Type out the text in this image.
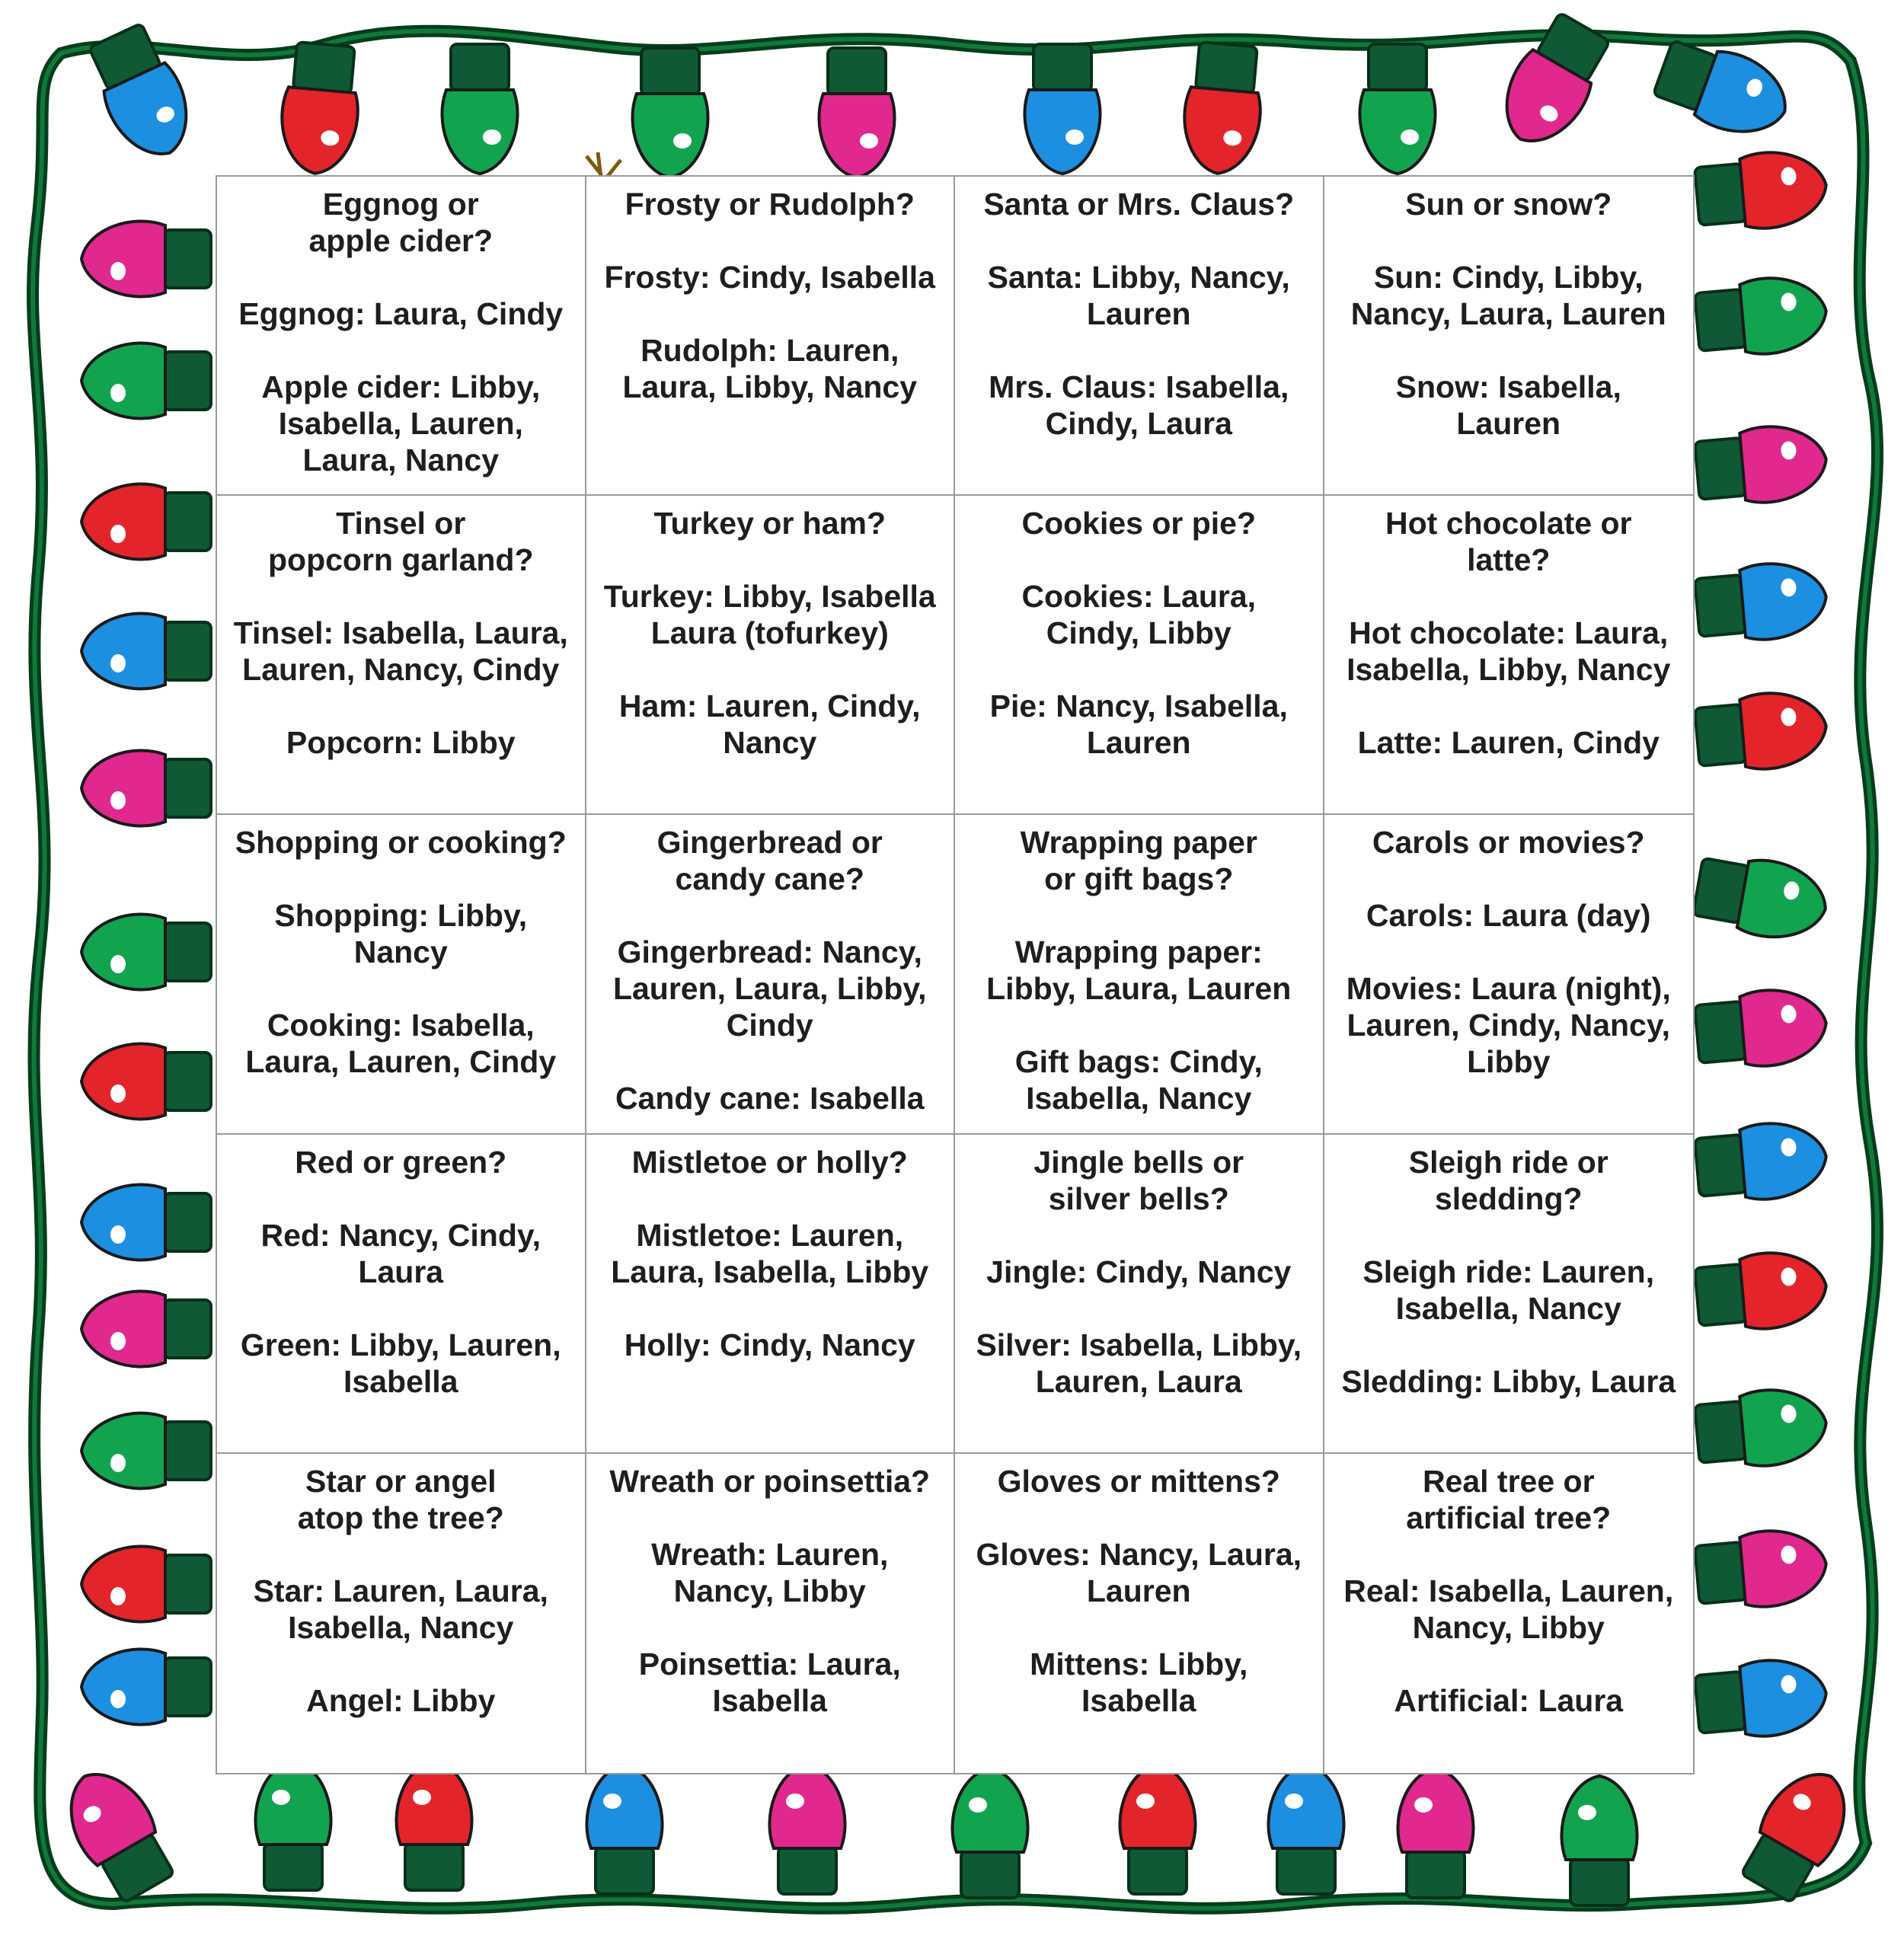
Eggnog or
apple cider?
Eggnog: Laura, Cindy
Apple cider: Libby,
Isabella, Lauren,
Laura, Nancy
Frosty or Rudolph?
Frosty: Cindy, Isabella
Rudolph: Lauren,
Laura, Libby, Nancy
Santa or Mrs. Claus?
Santa: Libby, Nancy,
Lauren
Mrs. Claus: Isabella,
Cindy, Laura
Sun or snow?
Sun: Cindy, Libby,
Nancy, Laura, Lauren
Snow: Isabella,
Lauren
Tinsel or
popcorn garland?
Tinsel: Isabella, Laura,
Lauren, Nancy, Cindy
Popcorn: Libby
Turkey or ham?
Turkey: Libby, Isabella
Laura (tofurkey)
Ham: Lauren, Cindy,
Nancy
Cookies or pie?
Cookies: Laura,
Cindy, Libby
Pie: Nancy, Isabella,
Lauren
Hot chocolate or
latte?
Hot chocolate: Laura,
Isabella, Libby, Nancy
Latte: Lauren, Cindy
Shopping or cooking?
Shopping: Libby,
Nancy
Cooking: Isabella,
Laura, Lauren, Cindy
Gingerbread or
candy cane?
Gingerbread: Nancy,
Lauren, Laura, Libby,
Cindy
Candy cane: Isabella
Wrapping paper
or gift bags?
Wrapping paper:
Libby, Laura, Lauren
Gift bags: Cindy,
Isabella, Nancy
Carols or movies?
Carols: Laura (day)
Movies: Laura (night),
Lauren, Cindy, Nancy,
Libby
Red or green?
Red: Nancy, Cindy,
Laura
Green: Libby, Lauren,
Isabella
Mistletoe or holly?
Mistletoe: Lauren,
Laura, Isabella, Libby
Holly: Cindy, Nancy
Jingle bells or
silver bells?
Jingle: Cindy, Nancy
Silver: Isabella, Libby,
Lauren, Laura
Sleigh ride or
sledding?
Sleigh ride: Lauren,
Isabella, Nancy
Sledding: Libby, Laura
Star or angel
atop the tree?
Star: Lauren, Laura,
Isabella, Nancy
Angel: Libby
Wreath or poinsettia?
Wreath: Lauren,
Nancy, Libby
Poinsettia: Laura,
Isabella
Gloves or mittens?
Gloves: Nancy, Laura,
Lauren
Mittens: Libby,
Isabella
Real tree or
artificial tree?
Real: Isabella, Lauren,
Nancy, Libby
Artificial: Laura
